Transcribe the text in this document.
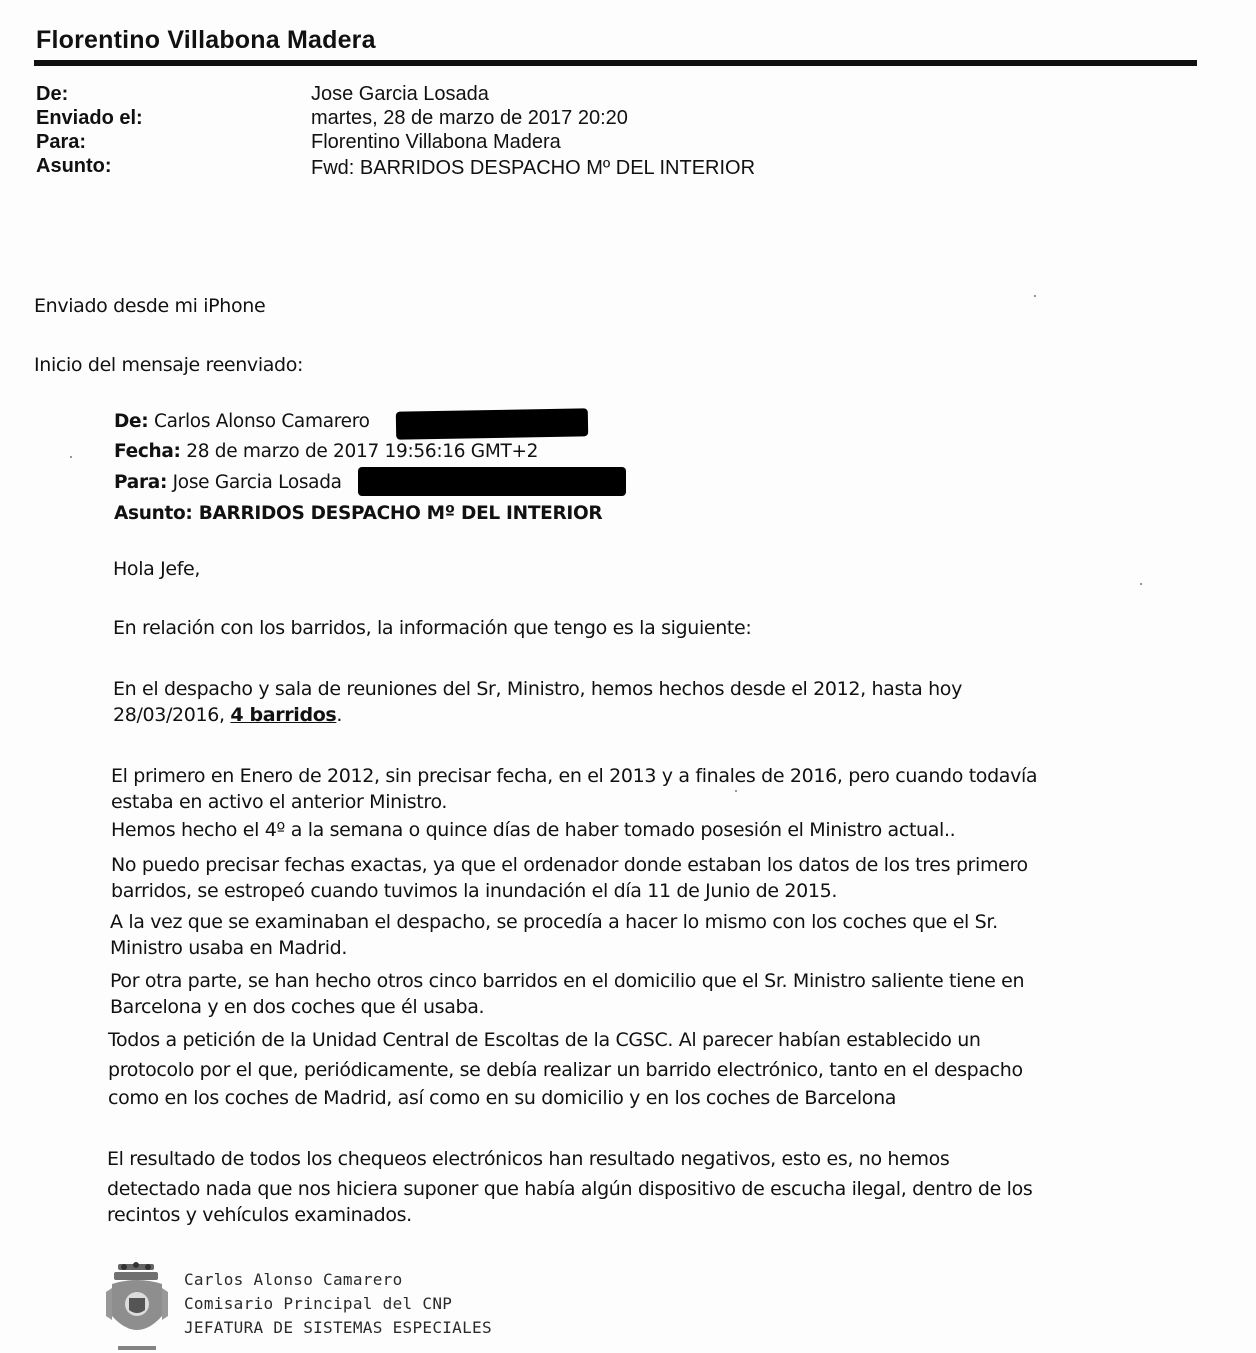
Florentino Villabona Madera
De:	Jose Garcia Losada
Enviado el:	martes, 28 de marzo de 2017 20:20
Para:	Florentino Villabona Madera
Asunto:	Fwd: BARRIDOS DESPACHO Mº DEL INTERIOR
Enviado desde mi iPhone
Inicio del mensaje reenviado:
De: Carlos Alonso Camarero
Fecha: 28 de marzo de 2017 19:56:16 GMT+2
Para: Jose Garcia Losada
Asunto: BARRIDOS DESPACHO Mº DEL INTERIOR
Hola Jefe,
En relación con los barridos, la información que tengo es la siguiente:
En el despacho y sala de reuniones del Sr, Ministro, hemos hechos desde el 2012, hasta hoy
28/03/2016, 4 barridos.
El primero en Enero de 2012, sin precisar fecha, en el 2013 y a finales de 2016, pero cuando todavía
estaba en activo el anterior Ministro.
Hemos hecho el 4º a la semana o quince días de haber tomado posesión el Ministro actual..
No puedo precisar fechas exactas, ya que el ordenador donde estaban los datos de los tres primero
barridos, se estropeó cuando tuvimos la inundación el día 11 de Junio de 2015.
A la vez que se examinaban el despacho, se procedía a hacer lo mismo con los coches que el Sr.
Ministro usaba en Madrid.
Por otra parte, se han hecho otros cinco barridos en el domicilio que el Sr. Ministro saliente tiene en
Barcelona y en dos coches que él usaba.
Todos a petición de la Unidad Central de Escoltas de la CGSC. Al parecer habían establecido un
protocolo por el que, periódicamente, se debía realizar un barrido electrónico, tanto en el despacho
como en los coches de Madrid, así como en su domicilio y en los coches de Barcelona
El resultado de todos los chequeos electrónicos han resultado negativos, esto es, no hemos
detectado nada que nos hiciera suponer que había algún dispositivo de escucha ilegal, dentro de los
recintos y vehículos examinados.
Carlos Alonso Camarero
Comisario Principal del CNP
JEFATURA DE SISTEMAS ESPECIALES
